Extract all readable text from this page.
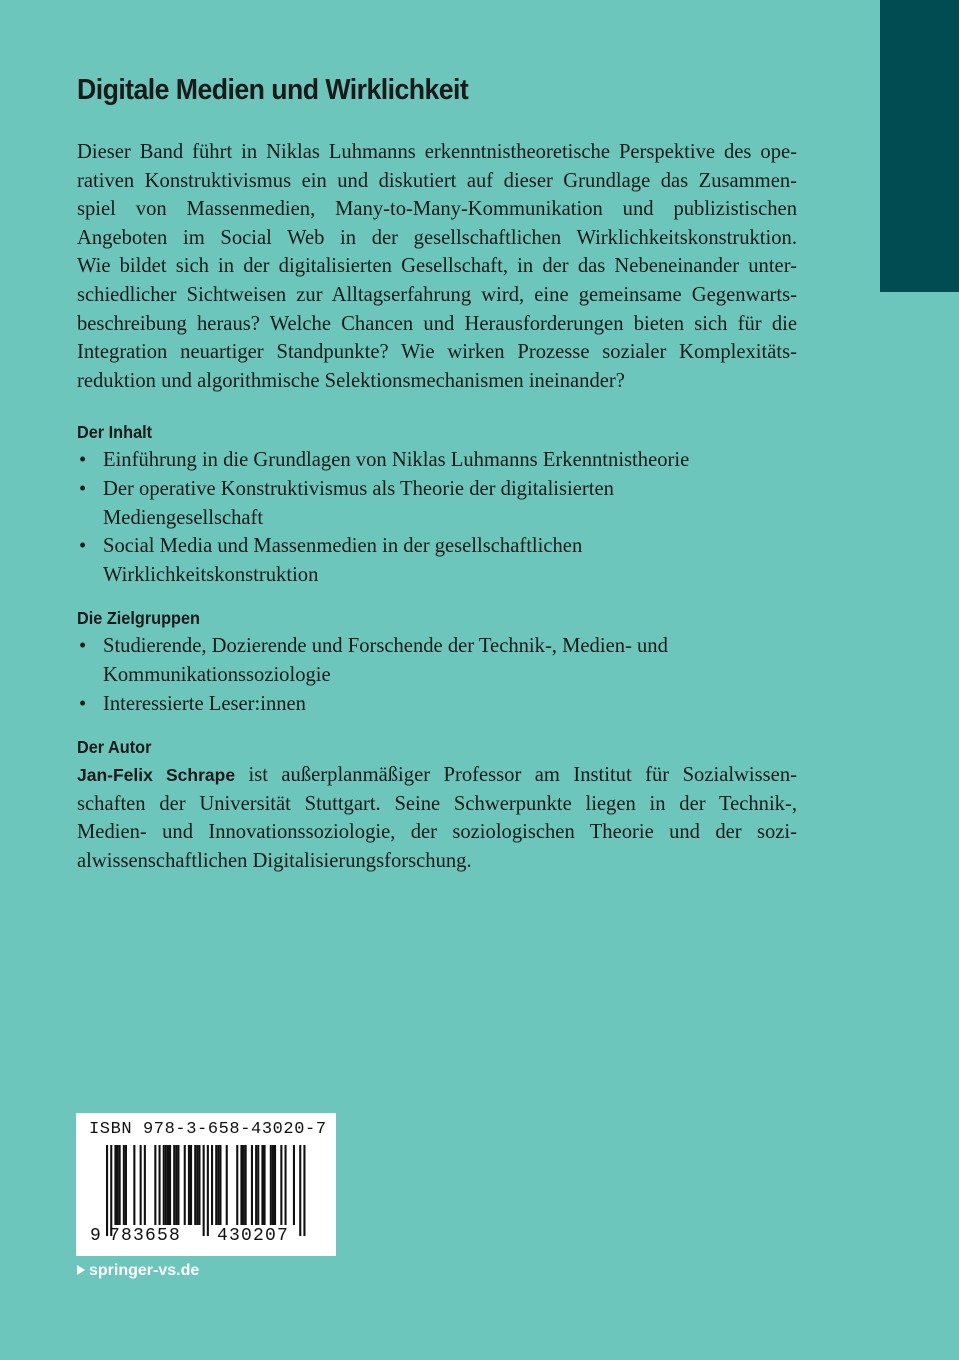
Digitale Medien und Wirklichkeit

Dieser Band führt in Niklas Luhmanns erkenntnistheoretische Perspektive des ope-
rativen Konstruktivismus ein und diskutiert auf dieser Grundlage das Zusammen-
spiel von Massenmedien, Many-to-Many-Kommunikation und publizistischen
Angeboten im Social Web in der gesellschaftlichen Wirklichkeitskonstruktion.
Wie bildet sich in der digitalisierten Gesellschaft, in der das Nebeneinander unter-
schiedlicher Sichtweisen zur Alltagserfahrung wird, eine gemeinsame Gegenwarts-
beschreibung heraus? Welche Chancen und Herausforderungen bieten sich für die
Integration neuartiger Standpunkte? Wie wirken Prozesse sozialer Komplexitäts-
reduktion und algorithmische Selektionsmechanismen ineinander?

Der Inhalt
• Einführung in die Grundlagen von Niklas Luhmanns Erkenntnistheorie
• Der operative Konstruktivismus als Theorie der digitalisierten
Mediengesellschaft
• Social Media und Massenmedien in der gesellschaftlichen
Wirklichkeitskonstruktion
Die Zielgruppen
• Studierende, Dozierende und Forschende der Technik-, Medien- und
Kommunikationssoziologie
• Interessierte Leser:innen
Der Autor

Jan-Felix Schrape ist außerplanmäßiger Professor am Institut für Sozialwissen-
schaften der Universität Stuttgart. Seine Schwerpunkte liegen in der Technik-,
Medien- und Innovationssoziologie, der soziologischen Theorie und der sozi-
alwissenschaftlichen Digitalisierungsforschung.

ISBN 978-3-658-43020-7
9 783658 430207
springer-vs.de
